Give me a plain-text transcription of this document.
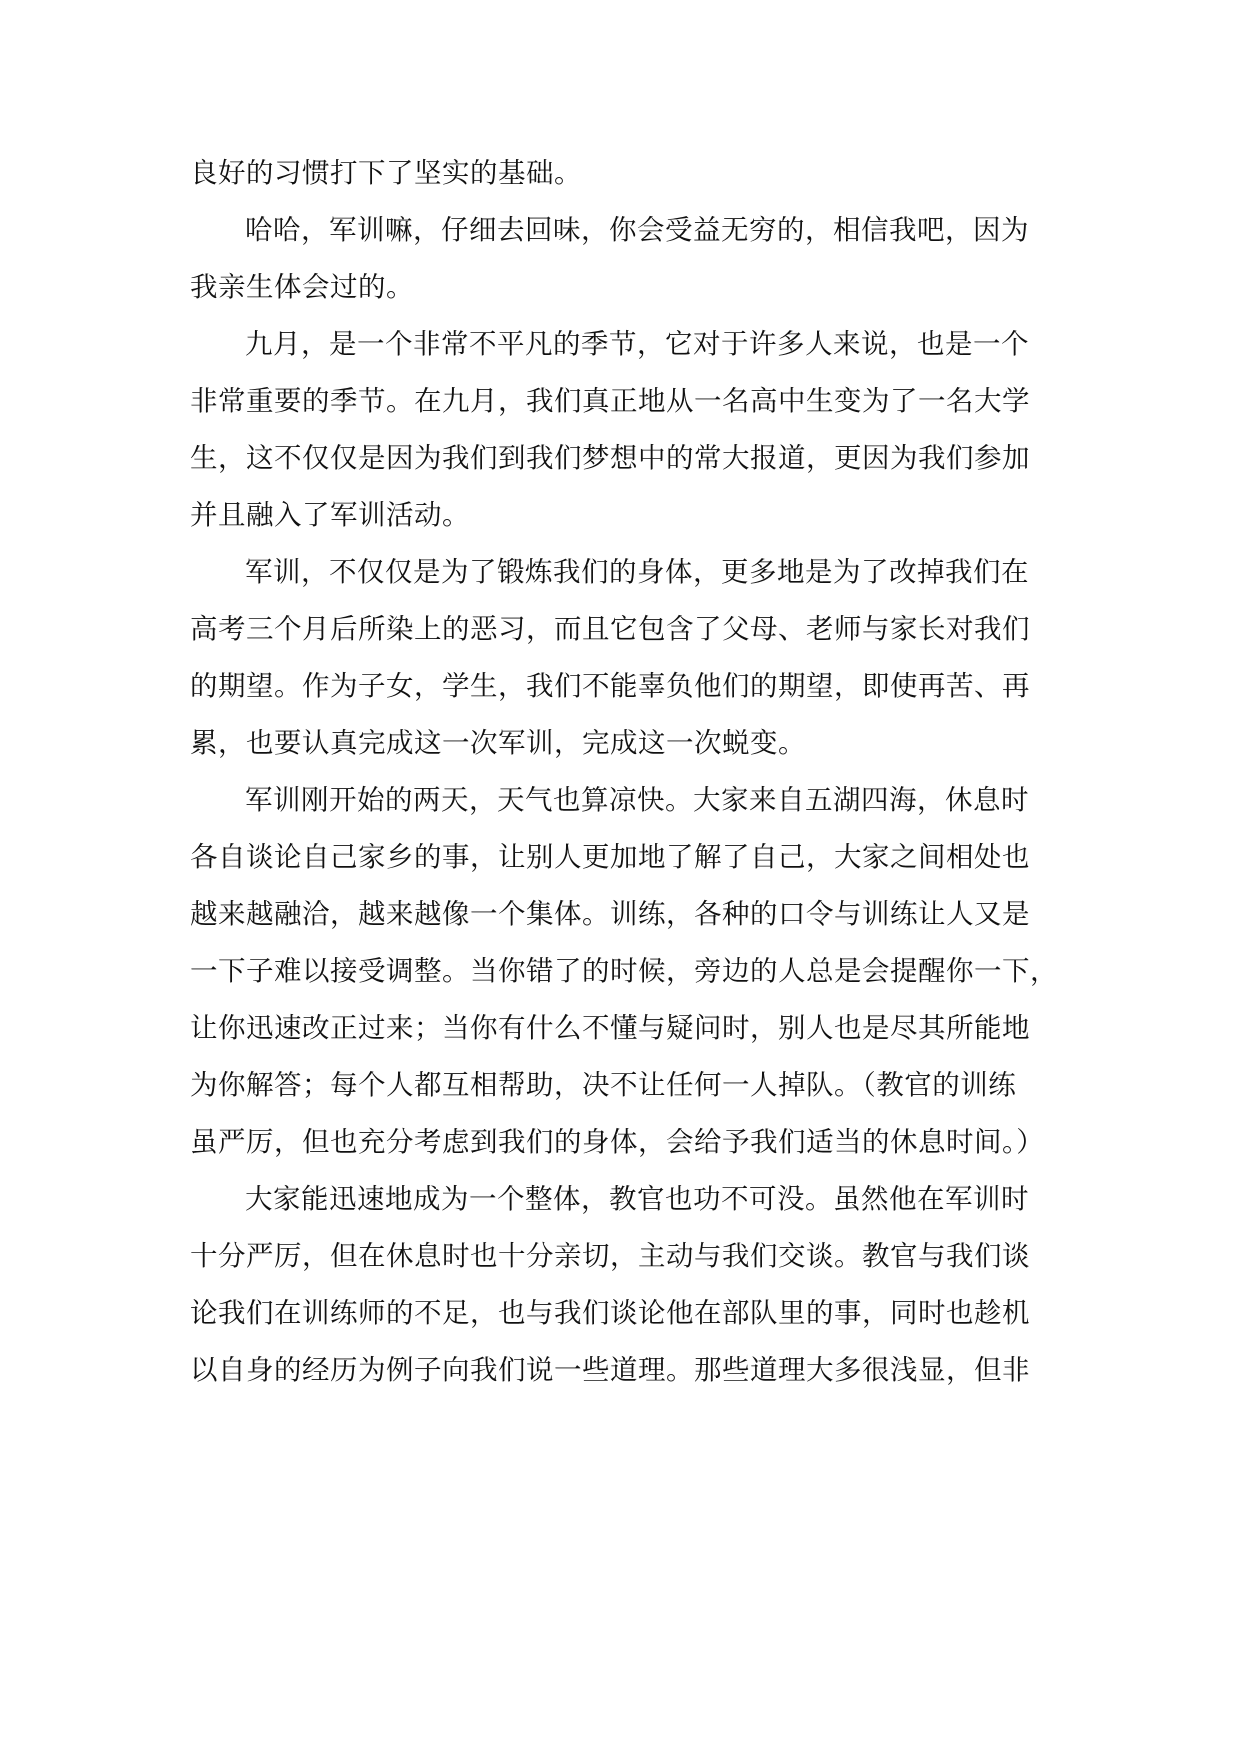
良好的习惯打下了坚实的基础。
哈哈，军训嘛，仔细去回味，你会受益无穷的，相信我吧，因为
我亲生体会过的。
九月，是一个非常不平凡的季节，它对于许多人来说，也是一个
非常重要的季节。在九月，我们真正地从一名高中生变为了一名大学
生，这不仅仅是因为我们到我们梦想中的常大报道，更因为我们参加
并且融入了军训活动。
军训，不仅仅是为了锻炼我们的身体，更多地是为了改掉我们在
高考三个月后所染上的恶习，而且它包含了父母、老师与家长对我们
的期望。作为子女，学生，我们不能辜负他们的期望，即使再苦、再
累，也要认真完成这一次军训，完成这一次蜕变。
军训刚开始的两天，天气也算凉快。大家来自五湖四海，休息时
各自谈论自己家乡的事，让别人更加地了解了自己，大家之间相处也
越来越融洽，越来越像一个集体。训练，各种的口令与训练让人又是
一下子难以接受调整。当你错了的时候，旁边的人总是会提醒你一下，
让你迅速改正过来；当你有什么不懂与疑问时，别人也是尽其所能地
为你解答；每个人都互相帮助，决不让任何一人掉队。（教官的训练
虽严厉，但也充分考虑到我们的身体，会给予我们适当的休息时间。）
大家能迅速地成为一个整体，教官也功不可没。虽然他在军训时
十分严厉，但在休息时也十分亲切，主动与我们交谈。教官与我们谈
论我们在训练师的不足，也与我们谈论他在部队里的事，同时也趁机
以自身的经历为例子向我们说一些道理。那些道理大多很浅显，但非
